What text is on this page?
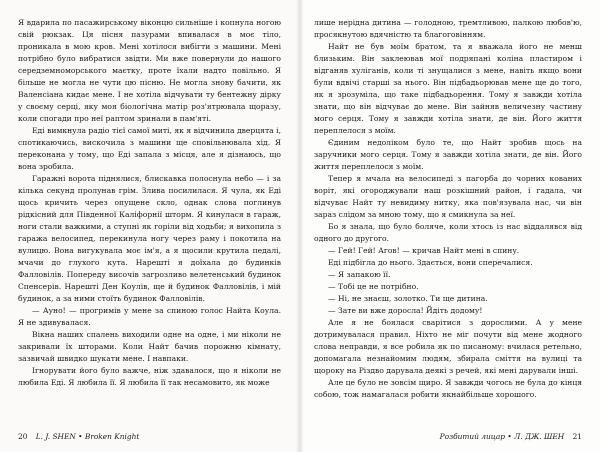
Я вдарила по пасажирському віконцю сильніше і копнула ногою свій рюкзак. Ця пісня пазурами впивалася в моє тіло, проникала в мою кров. Мені хотілося вибігти з машини. Мені потрібно було вибратися звідти. Ми вже повернули до нашого середземноморського маєтку, проте їхали надто повільно. Я більше не могла не чути цю пісню. Не могла знову бачити, як Валенсіана кидає мене. І не хотіла відчувати ту бентежну дірку у своєму серці, яку моя біологічна матір роз'ятрювала щоразу, коли спогади про неї раптом зринали в пам'яті.

Еді вимкнула радіо тієї самої миті, як я відчинила дверцята і, спотикаючись, вискочила з машини ще сповільнювала хід. Я переконана у тому, що Еді запала з місця, але я дізнаюсь, що вона зробила.

Гаражні ворота піднялися, блискавка полоснула небо — і за кілька секунд пролунав грім. Злива посилилася. Я чула, як Еді щось кричить через опущене скло, однак слова поглинув рідкісний для Південної Каліфорнії шторм. Я кинулася в гараж, ноги стали важкими, а ступні як горіли від ходьби; я вихопила з гаража велосипед, перекинула ногу через раму і покотила на вулицю. Вона вигукувала моє ім'я, а я щосили крутила педалі, мчачи до глухого кута. Нарешті я доїхала до будинків Фалловілів. Попереду височів загрозливо велетенський будинок Спенсерів. Нарешті Ден Коулів, ще й будинок Фалловілів, і мій будинок, а за ними стоїть будинок Фалловілів.

— Ауно! — прогримів у мене за спиною голос Найта Коула. Я не здивувалася.

Вікна наших спалень виходили одне на одне, і ми ніколи не закривали їх шторами. Коли Найт бачив порожню кімнату, зазвичай швидко шукати мене. І навпаки.

Ігнорувати його було важче, ніж здавалося, що я ніколи не любила Еді. Я любила її. Я любила її так несамовито, як може

20 L. J. SHEN • Broken Knight

лише нерідна дитина — голодною, тремтливою, палкою любов'ю, просякнутою вдячністю та благоговінням.

Найт не був моїм братом, та я вважала його не менш близьким. Він заклеював мої подряпані коліна пластиром і відганяв хуліганів, коли ті знущалися з мене, навіть якщо вони були вдвічі старші за нього. Він підбадьорював мене ще до того, як я зрозуміла, що таке підбадьорення. Тому я завжди хотіла знати, що він відчуває до мене. Він зайняв величезну частину мого серця. Тому я завжди хотіла знати, де він. Його життя переплелося з моїм.

Єдиним недоліком було те, що Найт зробив щось на заручники мого серця. Тому я завжди хотіла знати, де він. Його життя переплелося з моїм.

Тепер я мчала на велосипеді з пагорба до чорних кованих воріт, які огороджували наш розкішний район, і гадала, чи відчуває Найт ту невидиму нитку, яка пов'язувала нас, чи він зараз слідом за мною тому, що я смикнула за неї.

Бо я знала, що було боляче, коли хтось із нас віддалявся від одного до другого.

— Гей! Гей! Агов! — кричав Найт мені в спину.

Еді підбігла до нього. Здається, вони сперечалися.

— Я запакою її.

— Тобі це не потрібно.

— Ні, не знаєш, золотко. Ти ще дитина.

— Зате ви вже доросла! Йдіть додому!

Але я не боялася сварітися з дорослими. А у мене дотримувалася правил. Ніхто не міг почути від мене жодного слова неправди, я все робила як по писаному: вчилася ретельно, допомагала незнайомим людям, збирала сміття на вулиці та щороку на Різдво дарувала деякі з речей, які мені дарували інші.

Але це було не зовсім щиро. Я завжди чогось не була до кінця собою, тож намагалася робити якнайбільше хорошого.

Розбитий лицар • Л. ДЖ. ШЕН 21
